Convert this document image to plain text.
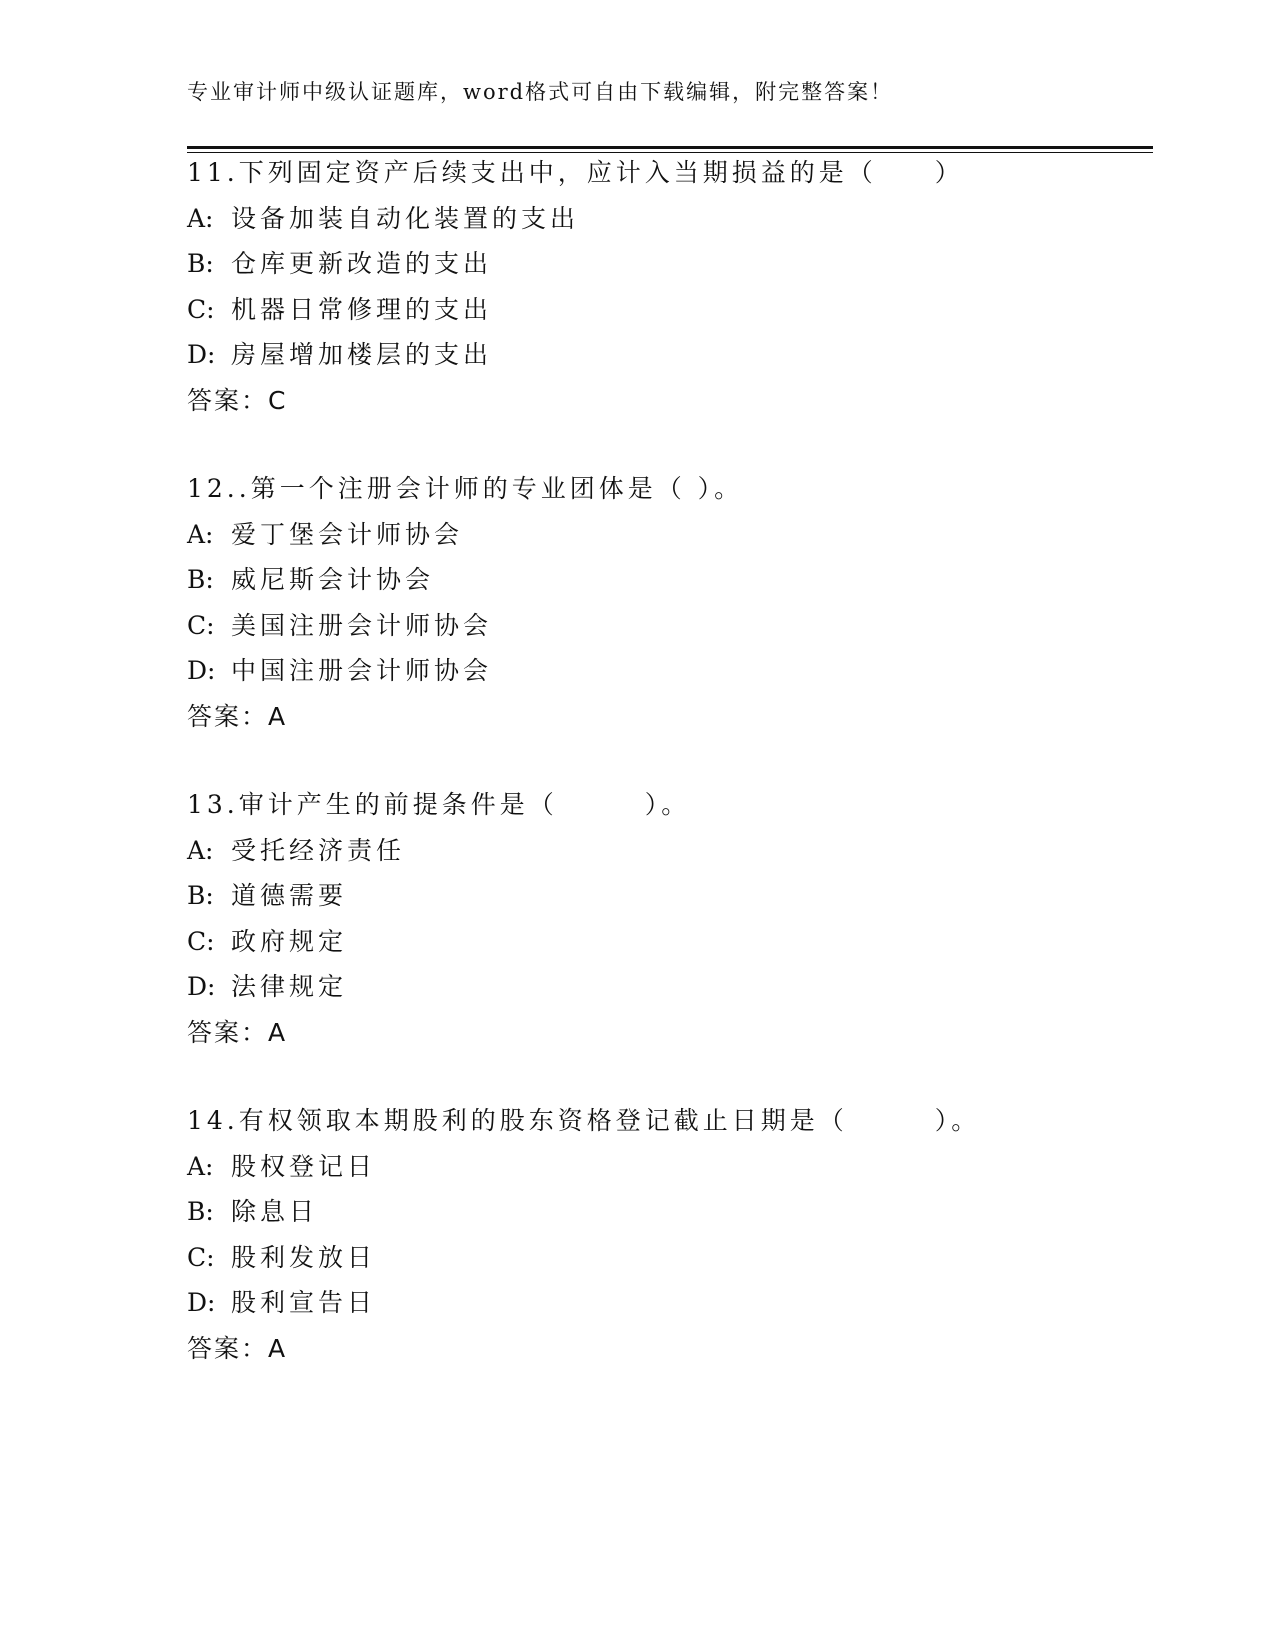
专业审计师中级认证题库，word格式可自由下载编辑，附完整答案！
11.下列固定资产后续支出中，应计入当期损益的是（　　）
A: 设备加装自动化装置的支出
B: 仓库更新改造的支出
C: 机器日常修理的支出
D: 房屋增加楼层的支出
答案：C
12..第一个注册会计师的专业团体是（ ）。
A: 爱丁堡会计师协会
B: 威尼斯会计协会
C: 美国注册会计师协会
D: 中国注册会计师协会
答案：A
13.审计产生的前提条件是（　　　）。
A: 受托经济责任
B: 道德需要
C: 政府规定
D: 法律规定
答案：A
14.有权领取本期股利的股东资格登记截止日期是（　　　）。
A: 股权登记日
B: 除息日
C: 股利发放日
D: 股利宣告日
答案：A
